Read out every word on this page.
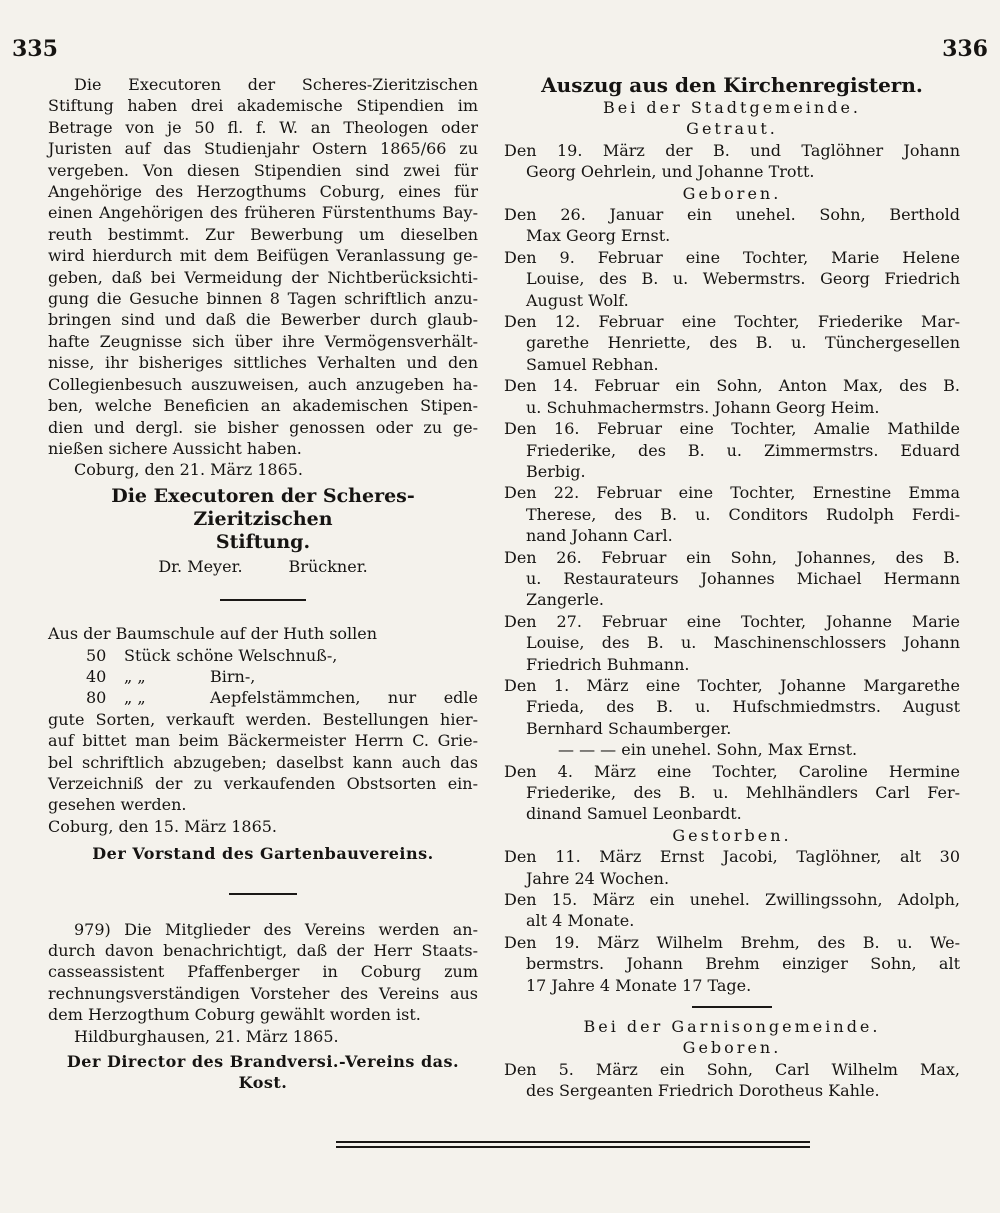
335	336
Die Executoren der Scheres-Zieritzischen
Stiftung haben drei akademische Stipendien im
Betrage von je 50 fl. f. W. an Theologen oder
Juristen auf das Studienjahr Ostern 1865/66 zu
vergeben. Von diesen Stipendien sind zwei für
Angehörige des Herzogthums Coburg, eines für
einen Angehörigen des früheren Fürstenthums Bay-
reuth bestimmt. Zur Bewerbung um dieselben
wird hierdurch mit dem Beifügen Veranlassung ge-
geben, daß bei Vermeidung der Nichtberücksichti-
gung die Gesuche binnen 8 Tagen schriftlich anzu-
bringen sind und daß die Bewerber durch glaub-
hafte Zeugnisse sich über ihre Vermögensverhält-
nisse, ihr bisheriges sittliches Verhalten und den
Collegienbesuch auszuweisen, auch anzugeben ha-
ben, welche Beneficien an akademischen Stipen-
dien und dergl. sie bisher genossen oder zu ge-

nießen sichere Aussicht haben.

Coburg, den 21. März 1865.

Die Executoren der Scheres-Zieritzischen
Stiftung.
Dr. Meyer.	Brückner.

Aus der Baumschule auf der Huth sollen

50	Stück schöne Welschnuß-,
40	„ „	Birn-,
80	„ „	Aepfelstämmchen, nur edle
gute Sorten, verkauft werden. Bestellungen hier-
auf bittet man beim Bäckermeister Herrn C. Grie-
bel schriftlich abzugeben; daselbst kann auch das
Verzeichniß der zu verkaufenden Obstsorten ein-

gesehen werden.

Coburg, den 15. März 1865.

Der Vorstand des Gartenbauvereins.

979) Die Mitglieder des Vereins werden an-
durch davon benachrichtigt, daß der Herr Staats-
casseassistent Pfaffenberger in Coburg zum
rechnungsverständigen Vorsteher des Vereins aus

dem Herzogthum Coburg gewählt worden ist.

Hildburghausen, 21. März 1865.

Der Director des Brandversi.-Vereins das.

Kost.

Auszug aus den Kirchenregistern.
Bei der Stadtgemeinde.
Getraut.
Den 19. März der B. und Taglöhner Johann
Georg Oehrlein, und Johanne Trott.
Geboren.
Den 26. Januar ein unehel. Sohn, Berthold
Max Georg Ernst.
Den 9. Februar eine Tochter, Marie Helene
Louise, des B. u. Webermstrs. Georg Friedrich
August Wolf.
Den 12. Februar eine Tochter, Friederike Mar-
garethe Henriette, des B. u. Tünchergesellen
Samuel Rebhan.
Den 14. Februar ein Sohn, Anton Max, des B.
u. Schuhmachermstrs. Johann Georg Heim.
Den 16. Februar eine Tochter, Amalie Mathilde
Friederike, des B. u. Zimmermstrs. Eduard
Berbig.
Den 22. Februar eine Tochter, Ernestine Emma
Therese, des B. u. Conditors Rudolph Ferdi-
nand Johann Carl.
Den 26. Februar ein Sohn, Johannes, des B.
u. Restaurateurs Johannes Michael Hermann
Zangerle.
Den 27. Februar eine Tochter, Johanne Marie
Louise, des B. u. Maschinenschlossers Johann
Friedrich Buhmann.
Den 1. März eine Tochter, Johanne Margarethe
Frieda, des B. u. Hufschmiedmstrs. August
Bernhard Schaumberger.
— — — ein unehel. Sohn, Max Ernst.
Den 4. März eine Tochter, Caroline Hermine
Friederike, des B. u. Mehlhändlers Carl Fer-
dinand Samuel Leonbardt.
Gestorben.
Den 11. März Ernst Jacobi, Taglöhner, alt 30
Jahre 24 Wochen.
Den 15. März ein unehel. Zwillingssohn, Adolph,
alt 4 Monate.
Den 19. März Wilhelm Brehm, des B. u. We-
bermstrs. Johann Brehm einziger Sohn, alt
17 Jahre 4 Monate 17 Tage.
Bei der Garnisongemeinde.
Geboren.
Den 5. März ein Sohn, Carl Wilhelm Max,
des Sergeanten Friedrich Dorotheus Kahle.
